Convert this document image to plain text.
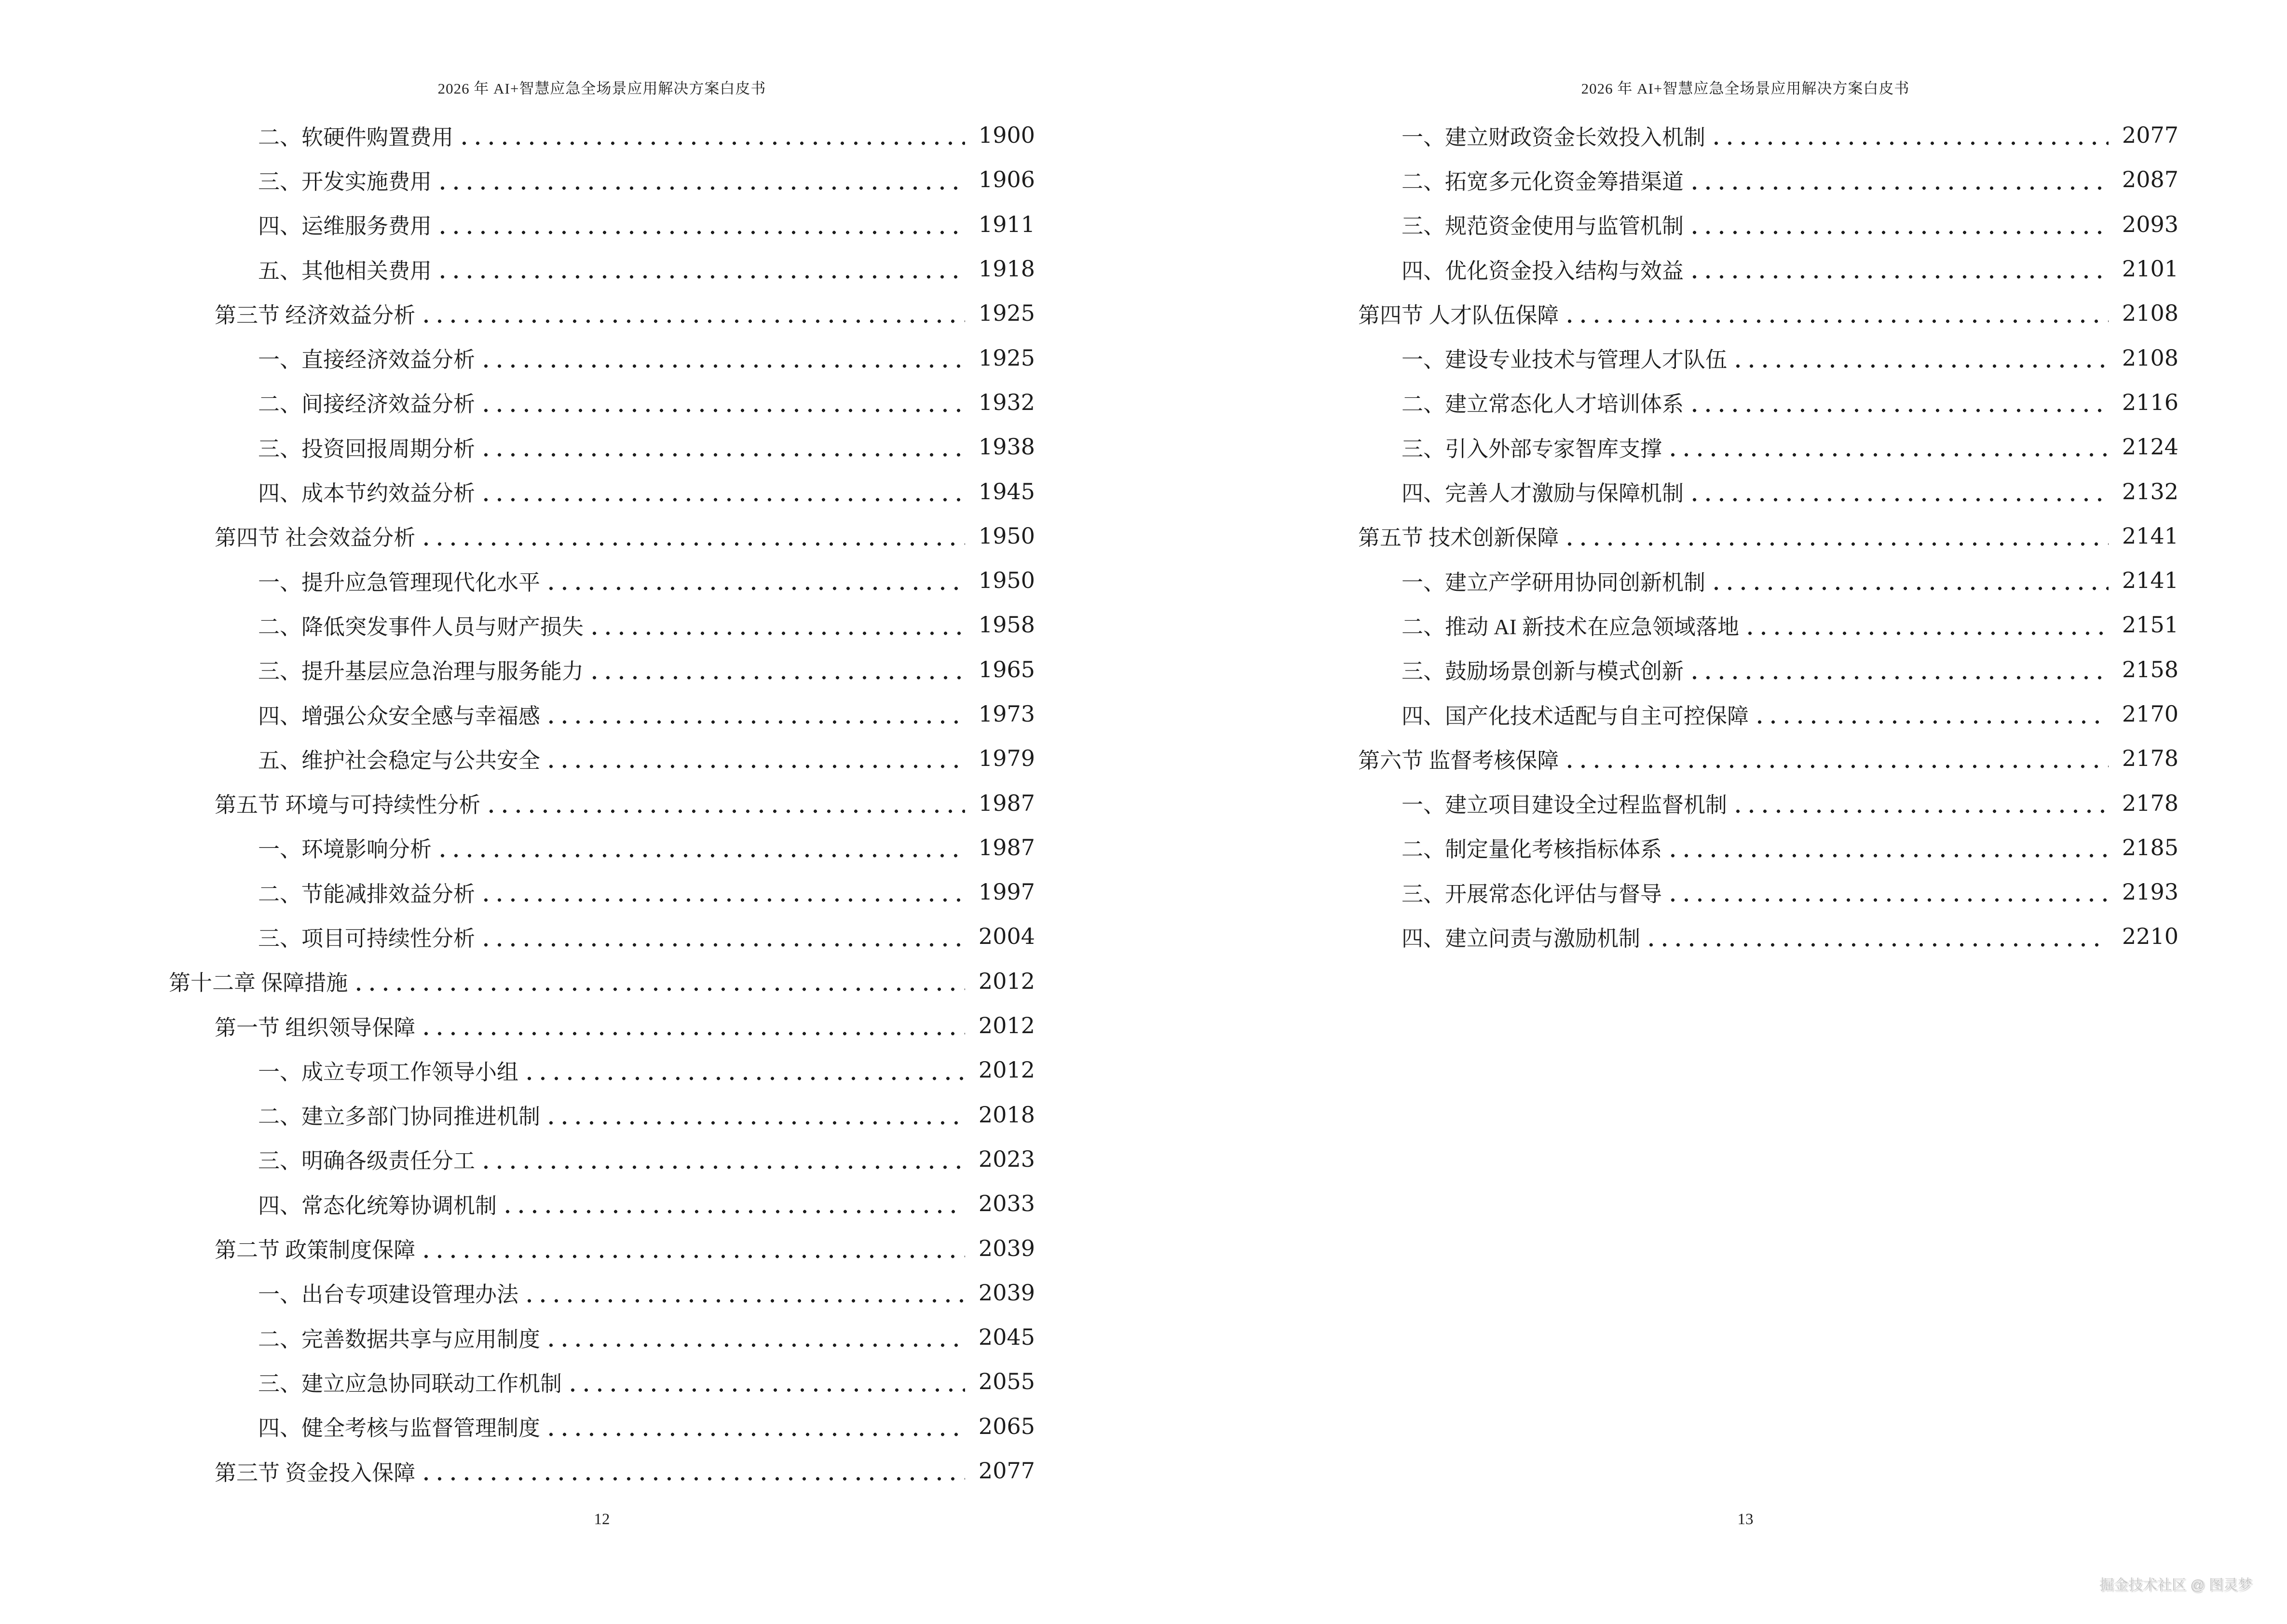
2026 年 AI+智慧应急全场景应用解决方案白皮书
二、软硬件购置费用	1900
三、开发实施费用	1906
四、运维服务费用	1911
五、其他相关费用	1918
第三节 经济效益分析	1925
一、直接经济效益分析	1925
二、间接经济效益分析	1932
三、投资回报周期分析	1938
四、成本节约效益分析	1945
第四节 社会效益分析	1950
一、提升应急管理现代化水平	1950
二、降低突发事件人员与财产损失	1958
三、提升基层应急治理与服务能力	1965
四、增强公众安全感与幸福感	1973
五、维护社会稳定与公共安全	1979
第五节 环境与可持续性分析	1987
一、环境影响分析	1987
二、节能减排效益分析	1997
三、项目可持续性分析	2004
第十二章 保障措施	2012
第一节 组织领导保障	2012
一、成立专项工作领导小组	2012
二、建立多部门协同推进机制	2018
三、明确各级责任分工	2023
四、常态化统筹协调机制	2033
第二节 政策制度保障	2039
一、出台专项建设管理办法	2039
二、完善数据共享与应用制度	2045
三、建立应急协同联动工作机制	2055
四、健全考核与监督管理制度	2065
第三节 资金投入保障	2077
12
2026 年 AI+智慧应急全场景应用解决方案白皮书
一、建立财政资金长效投入机制	2077
二、拓宽多元化资金筹措渠道	2087
三、规范资金使用与监管机制	2093
四、优化资金投入结构与效益	2101
第四节 人才队伍保障	2108
一、建设专业技术与管理人才队伍	2108
二、建立常态化人才培训体系	2116
三、引入外部专家智库支撑	2124
四、完善人才激励与保障机制	2132
第五节 技术创新保障	2141
一、建立产学研用协同创新机制	2141
二、推动 AI 新技术在应急领域落地	2151
三、鼓励场景创新与模式创新	2158
四、国产化技术适配与自主可控保障	2170
第六节 监督考核保障	2178
一、建立项目建设全过程监督机制	2178
二、制定量化考核指标体系	2185
三、开展常态化评估与督导	2193
四、建立问责与激励机制	2210
13
掘金技术社区 @ 图灵梦
